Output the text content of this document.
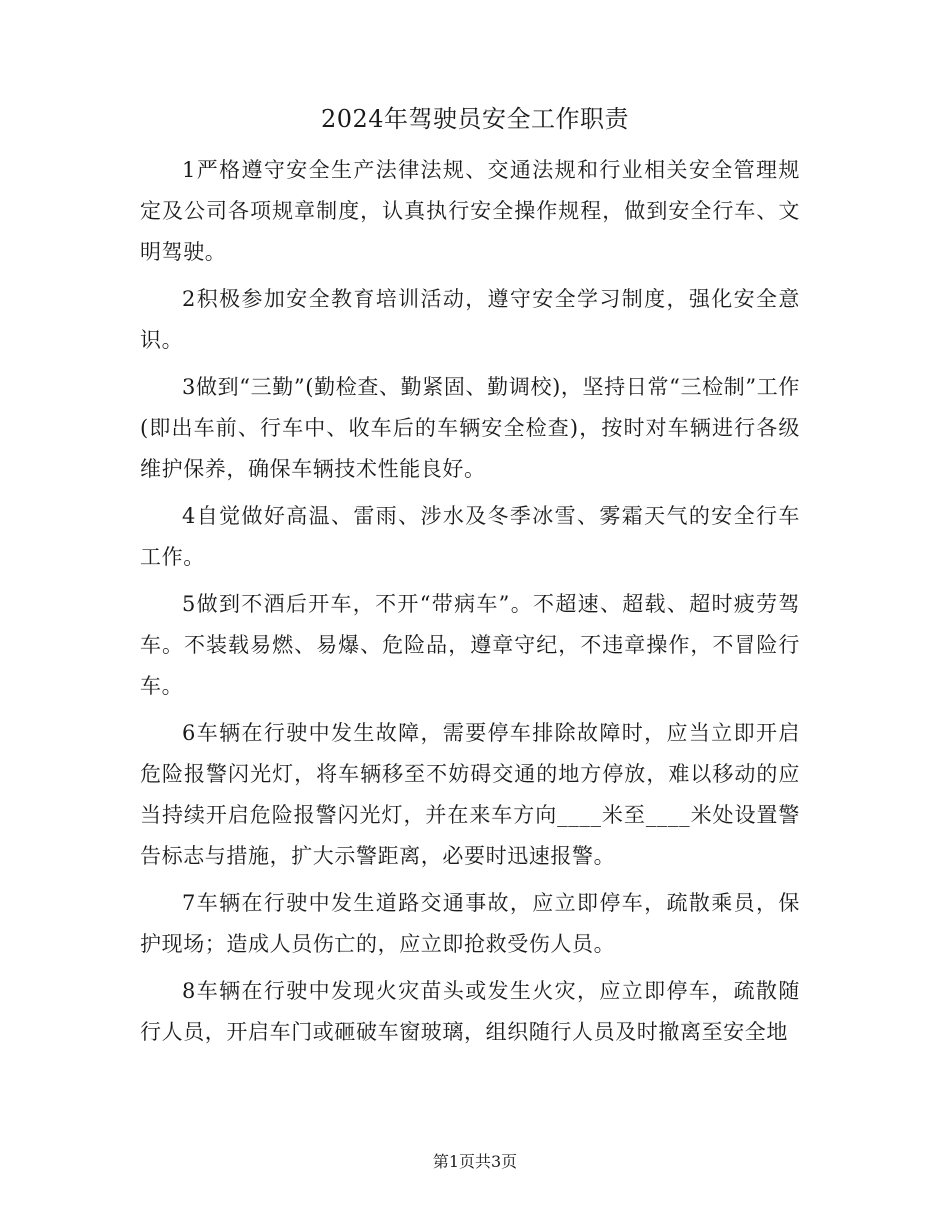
2024年驾驶员安全工作职责

1严格遵守安全生产法律法规、交通法规和行业相关安全管理规定及公司各项规章制度，认真执行安全操作规程，做到安全行车、文明驾驶。

2积极参加安全教育培训活动，遵守安全学习制度，强化安全意识。

3做到“三勤”(勤检查、勤紧固、勤调校)，坚持日常“三检制”工作(即出车前、行车中、收车后的车辆安全检查)，按时对车辆进行各级维护保养，确保车辆技术性能良好。

4自觉做好高温、雷雨、涉水及冬季冰雪、雾霜天气的安全行车工作。

5做到不酒后开车，不开“带病车”。不超速、超载、超时疲劳驾车。不装载易燃、易爆、危险品，遵章守纪，不违章操作，不冒险行车。

6车辆在行驶中发生故障，需要停车排除故障时，应当立即开启危险报警闪光灯，将车辆移至不妨碍交通的地方停放，难以移动的应当持续开启危险报警闪光灯，并在来车方向____米至____米处设置警告标志与措施，扩大示警距离，必要时迅速报警。

7车辆在行驶中发生道路交通事故，应立即停车，疏散乘员，保护现场；造成人员伤亡的，应立即抢救受伤人员。

8车辆在行驶中发现火灾苗头或发生火灾，应立即停车，疏散随行人员，开启车门或砸破车窗玻璃，组织随行人员及时撤离至安全地

第1页共3页
